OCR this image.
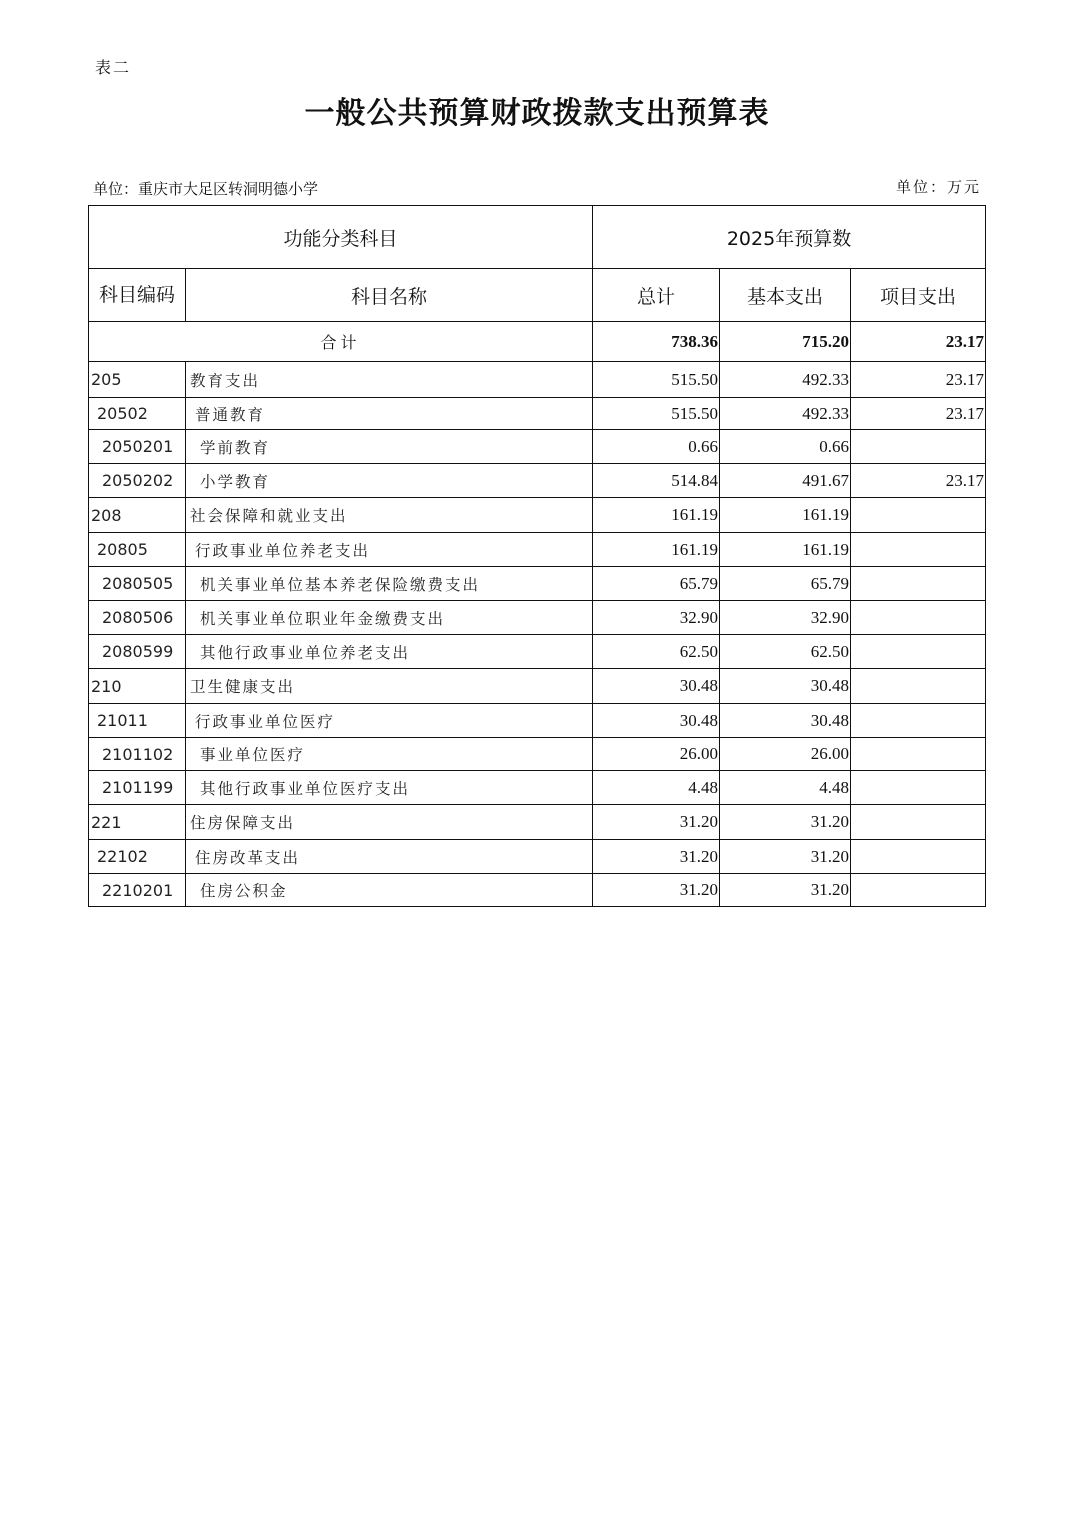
表二
一般公共预算财政拨款支出预算表
单位：重庆市大足区转洞明德小学	单位：万元
功能分类科目		2025年预算数		
科目编码	科目名称	总计	基本支出	项目支出
合计		738.36	715.20	23.17
205	教育支出	515.50	492.33	23.17
20502	普通教育	515.50	492.33	23.17
2050201	学前教育	0.66	0.66	
2050202	小学教育	514.84	491.67	23.17
208	社会保障和就业支出	161.19	161.19	
20805	行政事业单位养老支出	161.19	161.19	
2080505	机关事业单位基本养老保险缴费支出	65.79	65.79	
2080506	机关事业单位职业年金缴费支出	32.90	32.90	
2080599	其他行政事业单位养老支出	62.50	62.50	
210	卫生健康支出	30.48	30.48	
21011	行政事业单位医疗	30.48	30.48	
2101102	事业单位医疗	26.00	26.00	
2101199	其他行政事业单位医疗支出	4.48	4.48	
221	住房保障支出	31.20	31.20	
22102	住房改革支出	31.20	31.20	
2210201	住房公积金	31.20	31.20	
